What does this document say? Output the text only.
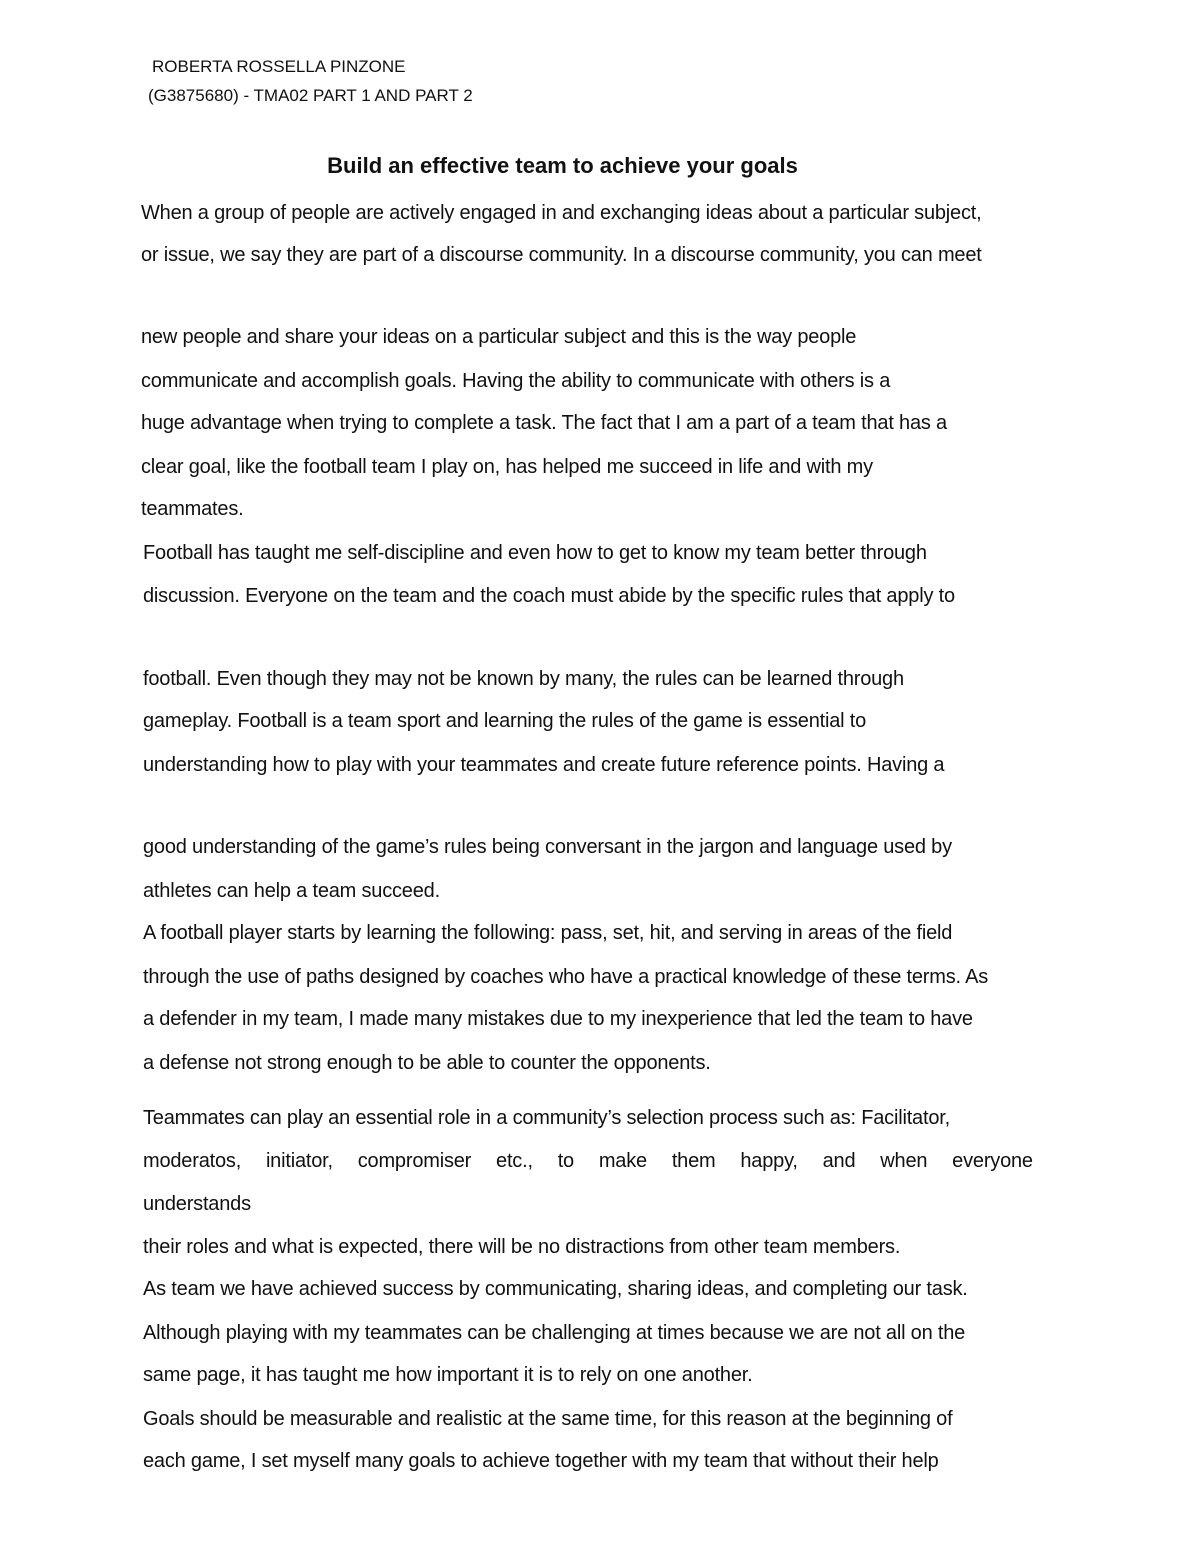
ROBERTA ROSSELLA PINZONE
(G3875680) - TMA02 PART 1 AND PART 2
Build an effective team to achieve your goals
When a group of people are actively engaged in and exchanging ideas about a particular subject,
or issue, we say they are part of a discourse community. In a discourse community, you can meet
new people and share your ideas on a particular subject and this is the way people
communicate and accomplish goals. Having the ability to communicate with others is a
huge advantage when trying to complete a task. The fact that I am a part of a team that has a
clear goal, like the football team I play on, has helped me succeed in life and with my
teammates.
Football has taught me self-discipline and even how to get to know my team better through
discussion. Everyone on the team and the coach must abide by the specific rules that apply to
football. Even though they may not be known by many, the rules can be learned through
gameplay. Football is a team sport and learning the rules of the game is essential to
understanding how to play with your teammates and create future reference points. Having a
good understanding of the game’s rules being conversant in the jargon and language used by
athletes can help a team succeed.
A football player starts by learning the following: pass, set, hit, and serving in areas of the field
through the use of paths designed by coaches who have a practical knowledge of these terms. As
a defender in my team, I made many mistakes due to my inexperience that led the team to have
a defense not strong enough to be able to counter the opponents.
Teammates can play an essential role in a community’s selection process such as: Facilitator,
moderatos, initiator, compromiser etc., to make them happy, and when everyone
understands
their roles and what is expected, there will be no distractions from other team members.
As team we have achieved success by communicating, sharing ideas, and completing our task.
Although playing with my teammates can be challenging at times because we are not all on the
same page, it has taught me how important it is to rely on one another.
Goals should be measurable and realistic at the same time, for this reason at the beginning of
each game, I set myself many goals to achieve together with my team that without their help
